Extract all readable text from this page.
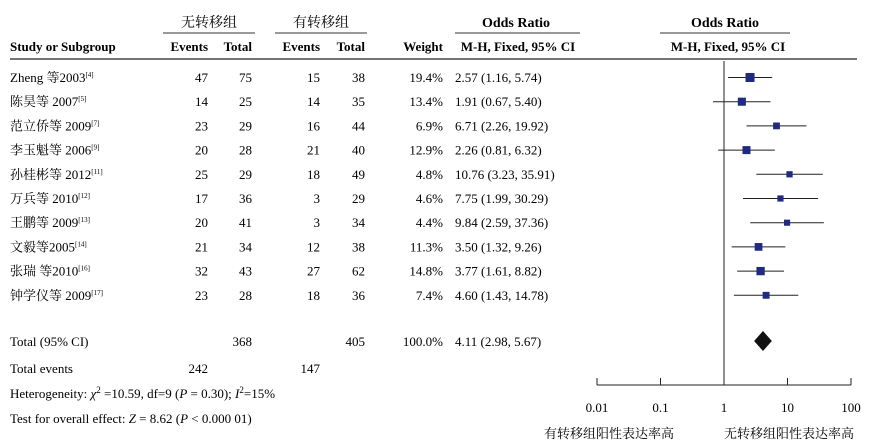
无转移组	有转移组	Odds Ratio	Odds Ratio
Study or Subgroup	Events Total Events Total	Weight M-H, Fixed, 95% CI	M-H, Fixed, 95% CI
Zheng 等2003[4]	47 75	15 38	19.4% 2.57 (1.16, 5.74)
陈昊等 2007[5]	14 25	14 35	13.4% 1.91 (0.67, 5.40)
范立侨等 2009[7]	23 29	16 44	6.9% 6.71 (2.26, 19.92)
李玉魁等 2006[9]	20 28	21 40	12.9% 2.26 (0.81, 6.32)
孙桂彬等 2012[11]	25 29	18 49	4.8% 10.76 (3.23, 35.91)
万兵等 2010[12]	17 36	3 29	4.6% 7.75 (1.99, 30.29)
王鹏等 2009[13]	20 41	3 34	4.4% 9.84 (2.59, 37.36)
文毅等2005[14]	21 34	12 38	11.3% 3.50 (1.32, 9.26)
张瑞 等2010[16]	32 43	27 62	14.8% 3.77 (1.61, 8.82)
钟学仪等 2009[17]	23 28	18 36	7.4% 4.60 (1.43, 14.78)
Total (95% CI)	368	405	100.0% 4.11 (2.98, 5.67)
Total events	242	147
Heterogeneity: $\chi^2 =10.59$, df=9 (P = 0.30); $I^2=15\%$
Test for overall effect: Z = 8.62 (P < 0.000 01)
0.01	0.1	1	10	100
有转移组阳性表达率高	无转移组阳性表达率高
